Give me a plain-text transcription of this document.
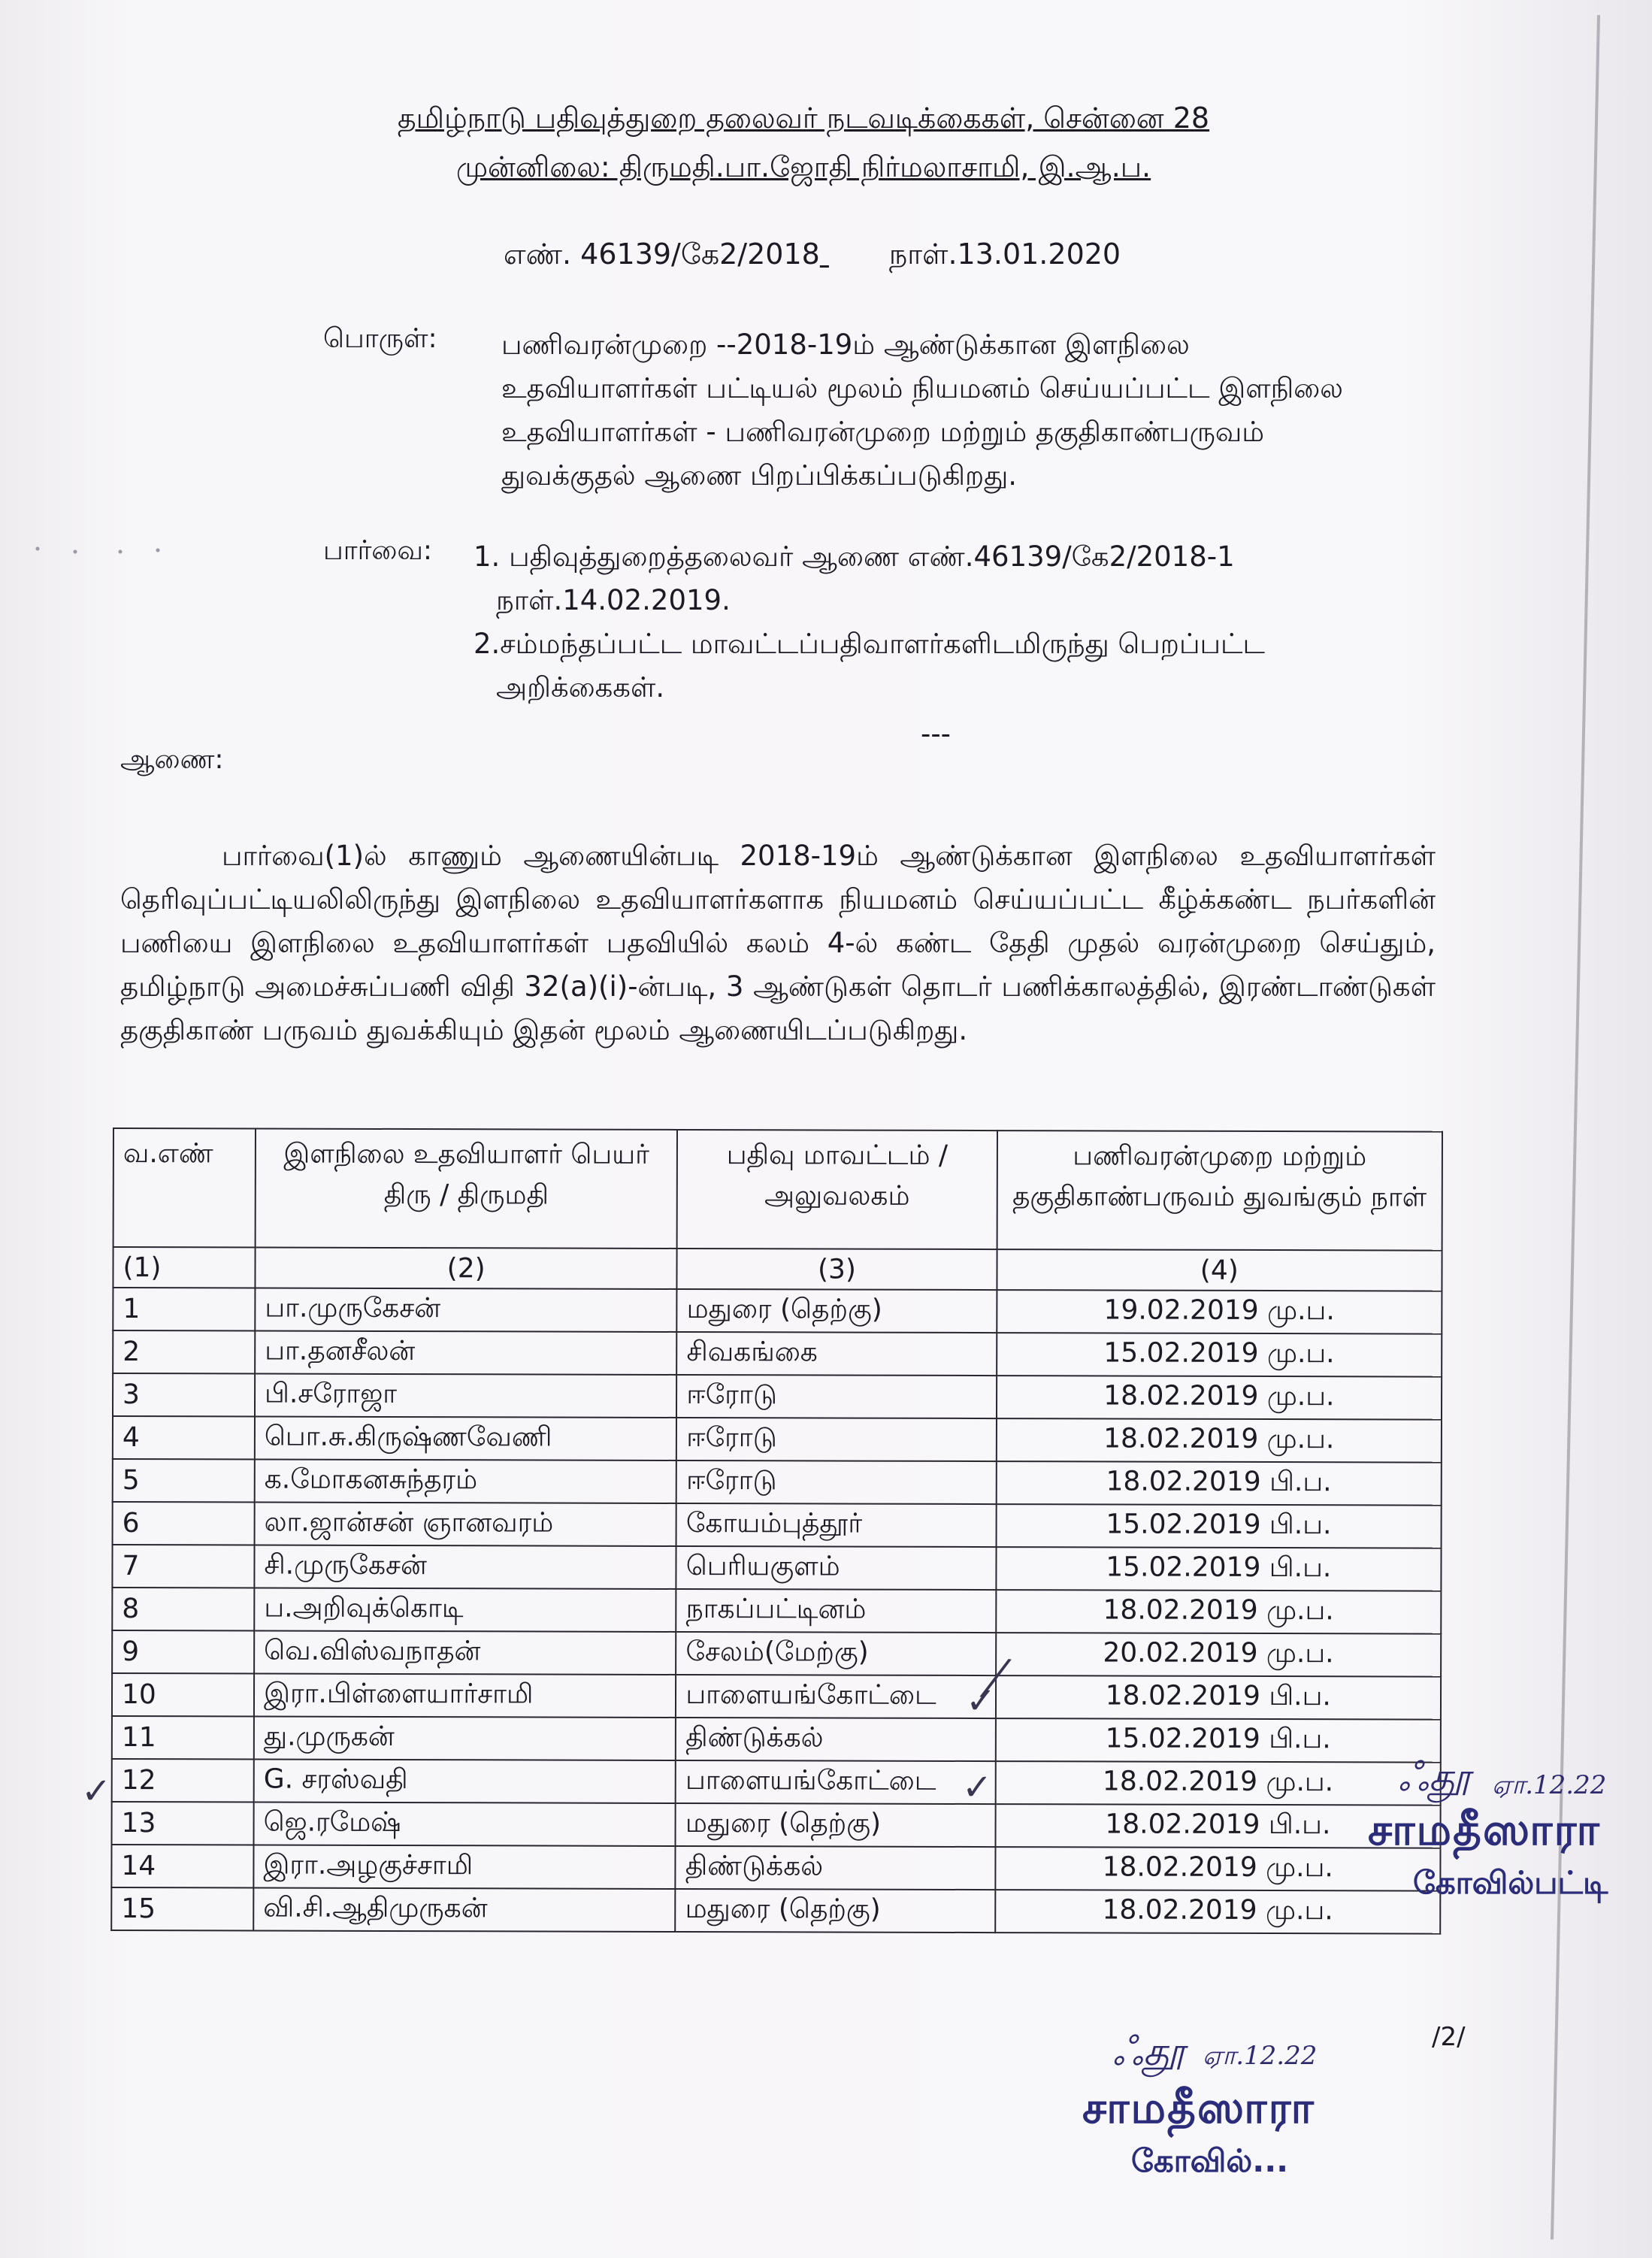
தமிழ்நாடு பதிவுத்துறை தலைவர் நடவடிக்கைகள், சென்னை 28
முன்னிலை: திருமதி.பா.ஜோதி நிர்மலாசாமி, இ.ஆ.ப.
எண். 46139/கே2/2018 நாள்.13.01.2020
பொருள்: பணிவரன்முறை --2018-19ம் ஆண்டுக்கான இளநிலை உதவியாளர்கள் பட்டியல் மூலம் நியமனம் செய்யப்பட்ட இளநிலை உதவியாளர்கள் - பணிவரன்முறை மற்றும் தகுதிகாண்பருவம் துவக்குதல் ஆணை பிறப்பிக்கப்படுகிறது.
பார்வை: 1. பதிவுத்துறைத்தலைவர் ஆணை எண்.46139/கே2/2018-1 நாள்.14.02.2019.
2.சம்மந்தப்பட்ட மாவட்டப்பதிவாளர்களிடமிருந்து பெறப்பட்ட அறிக்கைகள்.
---
ஆணை:
பார்வை(1)ல் காணும் ஆணையின்படி 2018-19ம் ஆண்டுக்கான இளநிலை உதவியாளர்கள் தெரிவுப்பட்டியலிலிருந்து இளநிலை உதவியாளர்களாக நியமனம் செய்யப்பட்ட கீழ்க்கண்ட நபர்களின் பணியை இளநிலை உதவியாளர்கள் பதவியில் கலம் 4-ல் கண்ட தேதி முதல் வரன்முறை செய்தும், தமிழ்நாடு அமைச்சுப்பணி விதி 32(a)(i)-ன்படி, 3 ஆண்டுகள் தொடர் பணிக்காலத்தில், இரண்டாண்டுகள் தகுதிகாண் பருவம் துவக்கியும் இதன் மூலம் ஆணையிடப்படுகிறது.
வ.எண்	இளநிலை உதவியாளர் பெயர் திரு / திருமதி	பதிவு மாவட்டம் / அலுவலகம்	பணிவரன்முறை மற்றும் தகுதிகாண்பருவம் துவங்கும் நாள்
(1)	(2)	(3)	(4)
1	பா.முருகேசன்	மதுரை (தெற்கு)	19.02.2019 மு.ப.
2	பா.தனசீலன்	சிவகங்கை	15.02.2019 மு.ப.
3	பி.சரோஜா	ஈரோடு	18.02.2019 மு.ப.
4	பொ.சு.கிருஷ்ணவேணி	ஈரோடு	18.02.2019 மு.ப.
5	க.மோகனசுந்தரம்	ஈரோடு	18.02.2019 பி.ப.
6	லா.ஜான்சன் ஞானவரம்	கோயம்புத்தூர்	15.02.2019 பி.ப.
7	சி.முருகேசன்	பெரியகுளம்	15.02.2019 பி.ப.
8	ப.அறிவுக்கொடி	நாகப்பட்டினம்	18.02.2019 மு.ப.
9	வெ.விஸ்வநாதன்	சேலம்(மேற்கு)	20.02.2019 மு.ப.
10	இரா.பிள்ளையார்சாமி	பாளையங்கோட்டை	18.02.2019 பி.ப.
11	து.முருகன்	திண்டுக்கல்	15.02.2019 பி.ப.
12	G. சரஸ்வதி	பாளையங்கோட்டை	18.02.2019 மு.ப.
13	ஜெ.ரமேஷ்	மதுரை (தெற்கு)	18.02.2019 பி.ப.
14	இரா.அழகுச்சாமி	திண்டுக்கல்	18.02.2019 மு.ப.
15	வி.சி.ஆதிமுருகன்	மதுரை (தெற்கு)	18.02.2019 மு.ப.
╱
✓
✓
✓
/2/
ஃதூ ஏா.12.22
சாமதீஸாரா
கோவில்பட்டி
ஃதூ ஏா.12.22
சாமதீஸாரா
கோவில்...
